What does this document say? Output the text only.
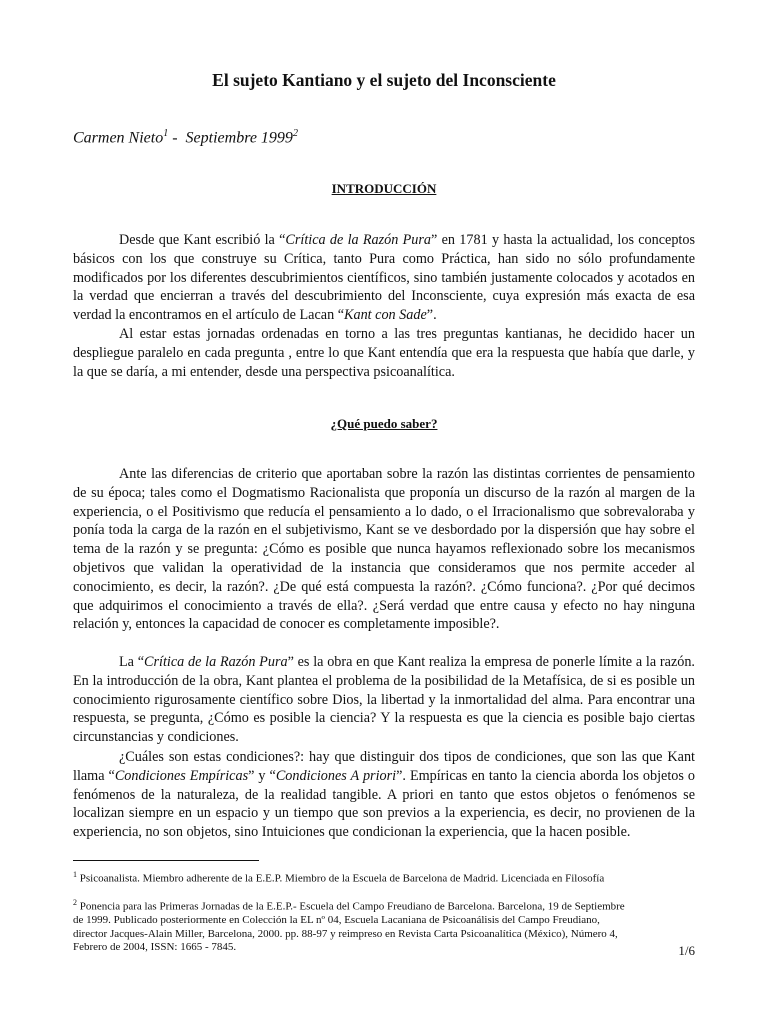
El sujeto Kantiano y el sujeto del Inconsciente
Carmen Nieto$^1$ -  Septiembre 1999$^2$
INTRODUCCIÓN

Desde que Kant escribió la “Crítica de la Razón Pura” en 1781 y hasta la actualidad, los conceptos básicos con los que construye su Crítica, tanto Pura como Práctica, han sido no sólo profundamente modificados por los diferentes descubrimientos científicos, sino también justamente colocados y acotados en la verdad que encierran a través del descubrimiento del Inconsciente, cuya expresión más exacta de esa verdad la encontramos en el artículo de Lacan “Kant con Sade”.

Al estar estas jornadas ordenadas en torno a las tres preguntas kantianas, he decidido hacer un despliegue paralelo en cada pregunta , entre lo que Kant entendía que era la respuesta que había que darle, y la que se daría, a mi entender, desde una perspectiva psicoanalítica.

¿Qué puedo saber?

Ante las diferencias de criterio que aportaban sobre la razón las distintas corrientes de pensamiento de su época; tales como el Dogmatismo Racionalista que proponía un discurso de la razón al margen de la experiencia, o el Positivismo que reducía el pensamiento a lo dado, o el Irracionalismo que sobrevaloraba y ponía toda la carga de la razón en el subjetivismo, Kant se ve desbordado por la dispersión que hay sobre el tema de la razón y se pregunta: ¿Cómo es posible que nunca hayamos reflexionado sobre los mecanismos objetivos que validan la operatividad de la instancia que consideramos que nos permite acceder al conocimiento, es decir, la razón?. ¿De qué está compuesta la razón?. ¿Cómo funciona?. ¿Por qué decimos que adquirimos el conocimiento a través de ella?. ¿Será verdad que entre causa y efecto no hay ninguna relación y, entonces la capacidad de conocer es completamente imposible?.

La “Crítica de la Razón Pura” es la obra en que Kant realiza la empresa de ponerle límite a la razón. En la introducción de la obra, Kant plantea el problema de la posibilidad de la Metafísica, de si es posible un conocimiento rigurosamente científico sobre Dios, la libertad y la inmortalidad del alma. Para encontrar una respuesta, se pregunta, ¿Cómo es posible la ciencia? Y la respuesta es que la ciencia es posible bajo ciertas circunstancias y condiciones.

¿Cuáles son estas condiciones?: hay que distinguir dos tipos de condiciones, que son las que Kant llama “Condiciones Empíricas” y “Condiciones A priori”. Empíricas en tanto la ciencia aborda los objetos o fenómenos de la naturaleza, de la realidad tangible. A priori en tanto que estos objetos o fenómenos se localizan siempre en un espacio y un tiempo que son previos a la experiencia, es decir, no provienen de la experiencia, no son objetos, sino Intuiciones que condicionan la experiencia, que la hacen posible.

$^1$ Psicoanalista. Miembro adherente de la E.E.P. Miembro de la Escuela de Barcelona de Madrid. Licenciada en Filosofía

$^2$ Ponencia para las Primeras Jornadas de la E.E.P.- Escuela del Campo Freudiano de Barcelona. Barcelona, 19 de Septiembre de 1999. Publicado posteriormente en Colección la EL nº 04, Escuela Lacaniana de Psicoanálisis del Campo Freudiano, director Jacques-Alain Miller, Barcelona, 2000. pp. 88-97 y reimpreso en Revista Carta Psicoanalítica (México), Número 4, Febrero de 2004, ISSN: 1665 - 7845.	1/6
